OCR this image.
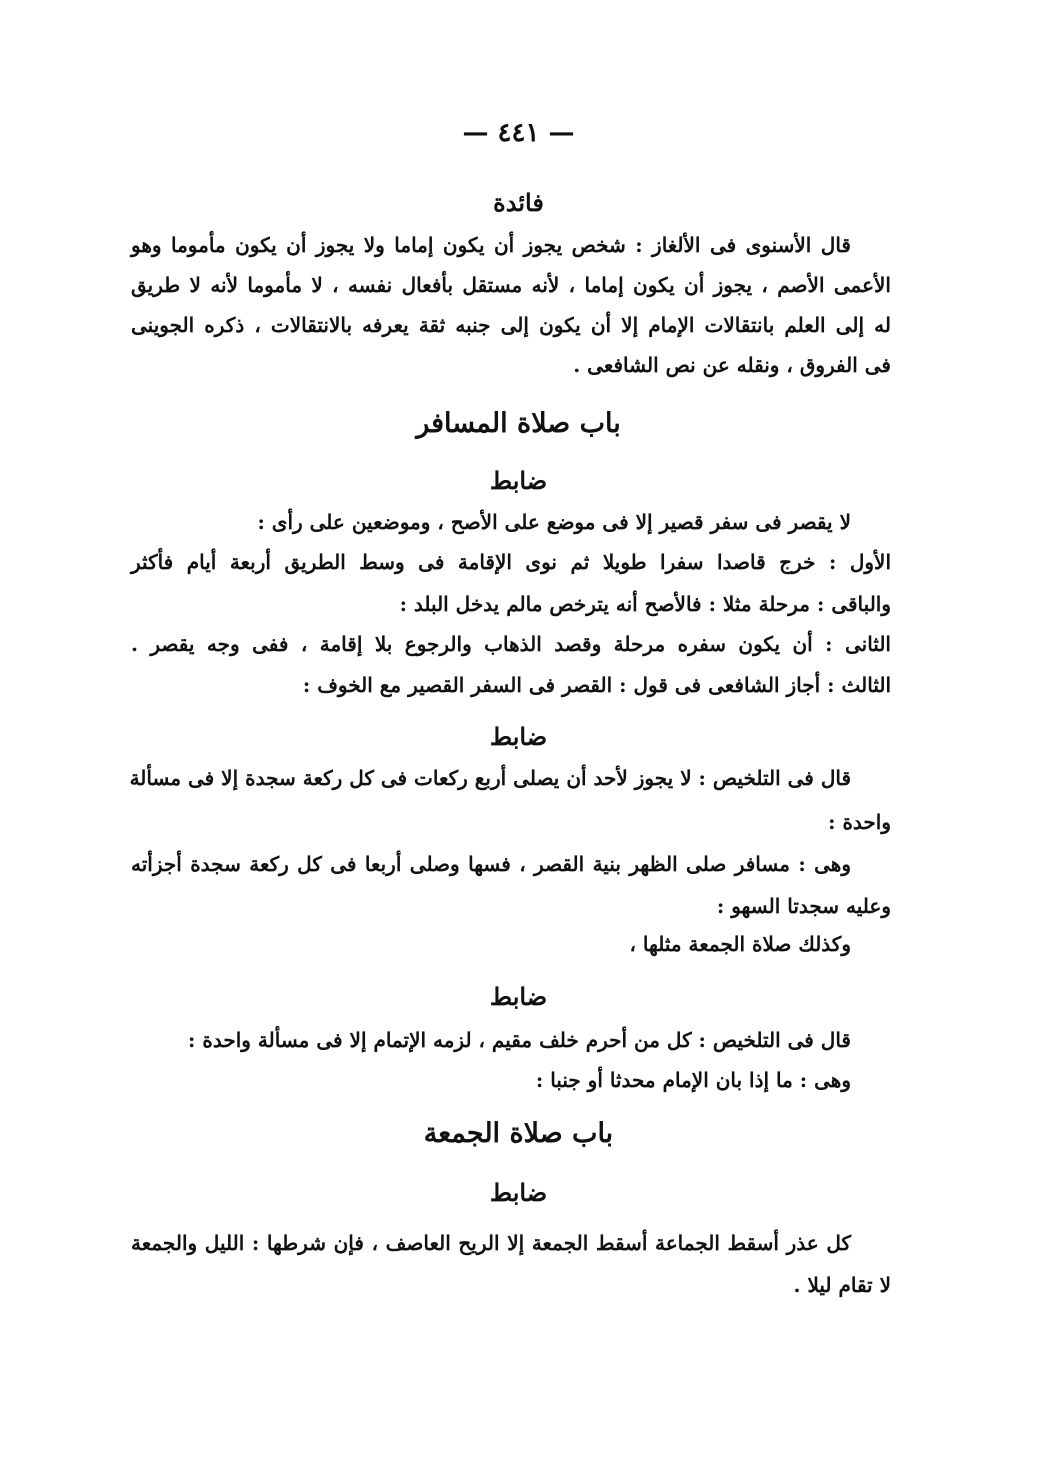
— ٤٤١ —
فائدة
قال الأسنوى فى الألغاز : شخص يجوز أن يكون إماما ولا يجوز أن يكون مأموما وهو
الأعمى الأصم ، يجوز أن يكون إماما ، لأنه مستقل بأفعال نفسه ، لا مأموما لأنه لا طريق
له إلى العلم بانتقالات الإمام إلا أن يكون إلى جنبه ثقة يعرفه بالانتقالات ، ذكره الجوينى
فى الفروق ، ونقله عن نص الشافعى .
باب صلاة المسافر
ضابط
لا يقصر فى سفر قصير إلا فى موضع على الأصح ، وموضعين على رأى :
الأول : خرج قاصدا سفرا طويلا ثم نوى الإقامة فى وسط الطريق أربعة أيام فأكثر
والباقى : مرحلة مثلا : فالأصح أنه يترخص مالم يدخل البلد :
الثانى : أن يكون سفره مرحلة وقصد الذهاب والرجوع بلا إقامة ، ففى وجه يقصر .
الثالث : أجاز الشافعى فى قول : القصر فى السفر القصير مع الخوف :
ضابط
قال فى التلخيص : لا يجوز لأحد أن يصلى أربع ركعات فى كل ركعة سجدة إلا فى مسألة
واحدة :
وهى : مسافر صلى الظهر بنية القصر ، فسها وصلى أربعا فى كل ركعة سجدة أجزأته
وعليه سجدتا السهو :
وكذلك صلاة الجمعة مثلها ،
ضابط
قال فى التلخيص : كل من أحرم خلف مقيم ، لزمه الإتمام إلا فى مسألة واحدة :
وهى : ما إذا بان الإمام محدثا أو جنبا :
باب صلاة الجمعة
ضابط
كل عذر أسقط الجماعة أسقط الجمعة إلا الريح العاصف ، فإن شرطها : الليل والجمعة
لا تقام ليلا .
